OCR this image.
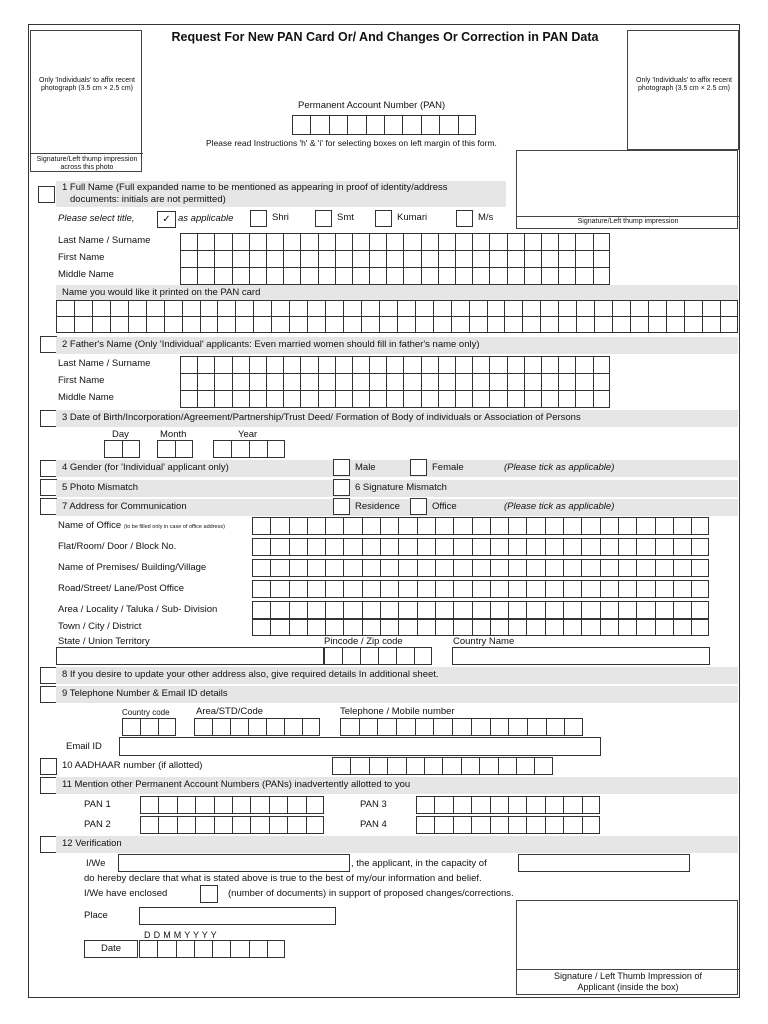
Request For New PAN Card Or/ And Changes Or Correction in PAN Data
Only 'Individuals' to affix recent photograph (3.5 cm × 2.5 cm)
Signature/Left thump impression across this photo
Only 'Individuals' to affix recent photograph (3.5 cm × 2.5 cm)
Signature/Left thump impression
Permanent Account Number (PAN)
Please read Instructions 'h' & 'i' for selecting boxes on left margin of this form.
1 Full Name (Full expanded name to be mentioned as appearing in proof of identity/address
documents: initials are not permitted)
Please select title,	✓ as applicable	Shri	Smt	Kumari	M/s
Last Name / Surname
First Name
Middle Name
Name you would like it printed on the PAN card
2 Father's Name (Only 'Individual' applicants: Even married women should fill in father's name only)
Last Name / Surname
First Name
Middle Name
3 Date of Birth/Incorporation/Agreement/Partnership/Trust Deed/ Formation of Body of individuals or Association of Persons
Day	Month	Year
4 Gender (for 'Individual' applicant only)	Male	Female	(Please tick as applicable)
5 Photo Mismatch	6 Signature Mismatch
7 Address for Communication	Residence	Office	(Please tick as applicable)
Name of Office (to be filled only in case of office address)
Flat/Room/ Door / Block No.
Name of Premises/ Building/Village
Road/Street/ Lane/Post Office
Area / Locality / Taluka / Sub- Division
Town / City / District
State / Union Territory	Pincode / Zip code	Country Name
8 If you desire to update your other address also, give required details In additional sheet.
9 Telephone Number & Email ID details
Country code	Area/STD/Code	Telephone / Mobile number
Email ID
10 AADHAAR number (if allotted)
11 Mention other Permanent Account Numbers (PANs) inadvertently allotted to you
PAN 1	PAN 3
PAN 2	PAN 4
12 Verification
I/We	, the applicant, in the capacity of
do hereby declare that what is stated above is true to the best of my/our information and belief.
I/We have enclosed	(number of documents) in support of proposed changes/corrections.
Place
D D M M Y Y Y Y
Date
Signature / Left Thumb Impression of
Applicant (inside the box)
